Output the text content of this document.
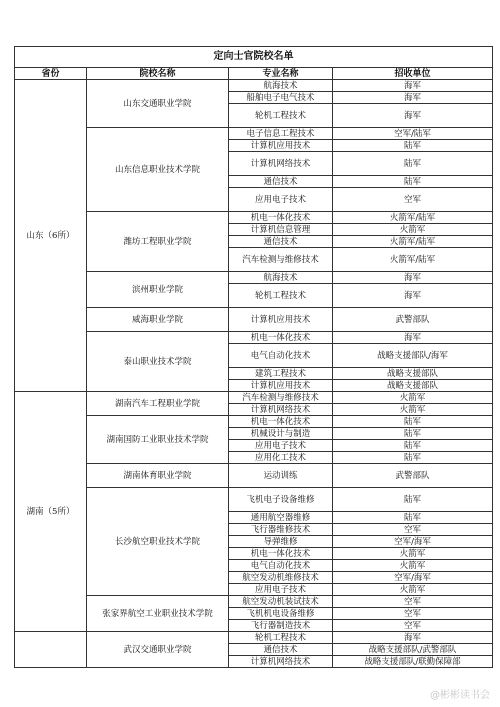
定向士官院校名单			
省份	院校名称	专业名称	招收单位
山东（6所）	山东交通职业学院	航海技术	海军
		船舶电子电气技术	海军
		轮机工程技术	海军
	山东信息职业技术学院	电子信息工程技术	空军/陆军
		计算机应用技术	陆军
		计算机网络技术	陆军
		通信技术	陆军
		应用电子技术	空军
	潍坊工程职业学院	机电一体化技术	火箭军/陆军
		计算机信息管理	火箭军
		通信技术	火箭军/陆军
		汽车检测与维修技术	火箭军/陆军
	滨州职业学院	航海技术	海军
		轮机工程技术	海军
	威海职业学院	计算机应用技术	武警部队
	泰山职业技术学院	机电一体化技术	海军
		电气自动化技术	战略支援部队/海军
		建筑工程技术	战略支援部队
		计算机应用技术	战略支援部队
湖南（5所）	湖南汽车工程职业学院	汽车检测与维修技术	火箭军
		计算机网络技术	火箭军
	湖南国防工业职业技术学院	机电一体化技术	陆军
		机械设计与制造	陆军
		应用电子技术	陆军
		应用化工技术	陆军
	湖南体育职业学院	运动训练	武警部队
	长沙航空职业技术学院	飞机电子设备维修	陆军
		通用航空器维修	陆军
		飞行器维修技术	空军
		导弹维修	空军/海军
		机电一体化技术	火箭军
		电气自动化技术	火箭军
		航空发动机维修技术	空军/海军
		应用电子技术	火箭军
	张家界航空工业职业技术学院	航空发动机装试技术	空军
		飞机机电设备维修	空军
		飞行器制造技术	空军
	武汉交通职业学院	轮机工程技术	海军
		通信技术	战略支援部队/武警部队
		计算机网络技术	战略支援部队/联勤保障部
@彬彬读书会
